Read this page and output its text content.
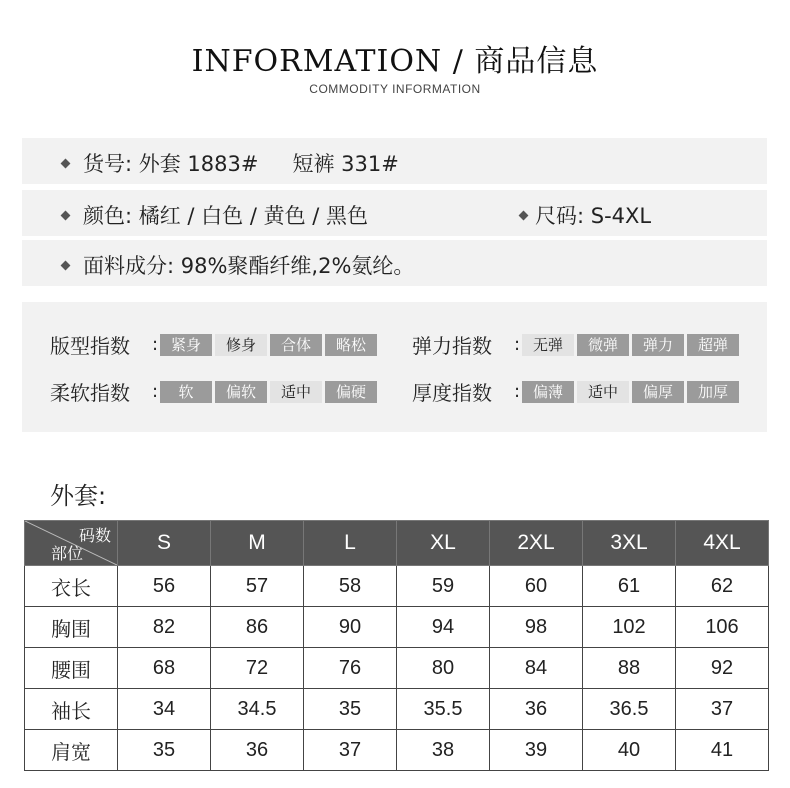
INFORMATION / 商品信息
COMMODITY INFORMATION
货号: 外套 1883# 短裤 331#
颜色: 橘红 / 白色 / 黄色 / 黑色	尺码: S-4XL
面料成分: 98%聚酯纤维,2%氨纶。
版型指数	: 紧身	修身	合体	略松	弹力指数	: 无弹	微弹	弹力	超弹
柔软指数	:	软	偏软	适中	偏硬	厚度指数	: 偏薄	适中	偏厚	加厚
外套:
码数
部位	S	M	L	XL	2XL	3XL	4XL
衣长	56	57	58	59	60	61	62
胸围	82	86	90	94	98	102	106
腰围	68	72	76	80	84	88	92
袖长	34	34.5	35	35.5	36	36.5	37
肩宽	35	36	37	38	39	40	41
